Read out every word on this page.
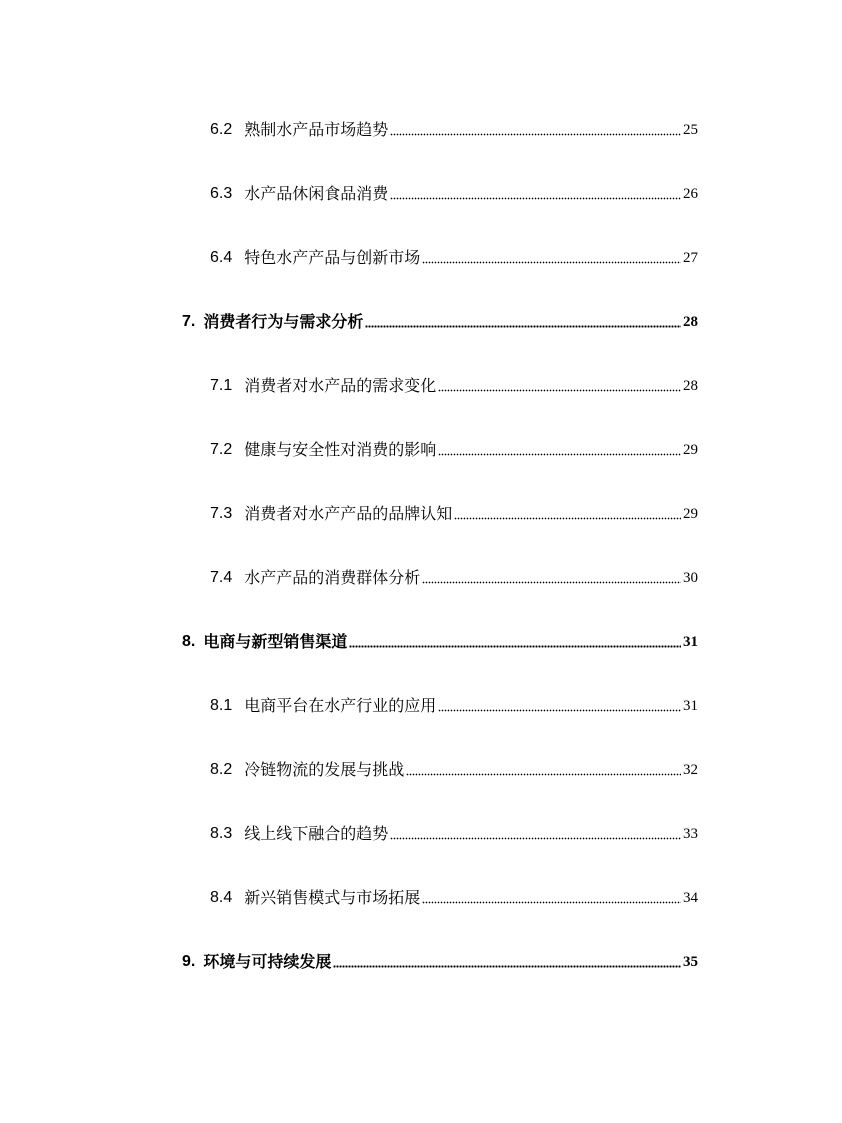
6.2 熟制水产品市场趋势	25
6.3 水产品休闲食品消费	26
6.4 特色水产产品与创新市场	27
7. 消费者行为与需求分析	28
7.1 消费者对水产品的需求变化	28
7.2 健康与安全性对消费的影响	29
7.3 消费者对水产产品的品牌认知	29
7.4 水产产品的消费群体分析	30
8. 电商与新型销售渠道	31
8.1 电商平台在水产行业的应用	31
8.2 冷链物流的发展与挑战	32
8.3 线上线下融合的趋势	33
8.4 新兴销售模式与市场拓展	34
9. 环境与可持续发展	35
